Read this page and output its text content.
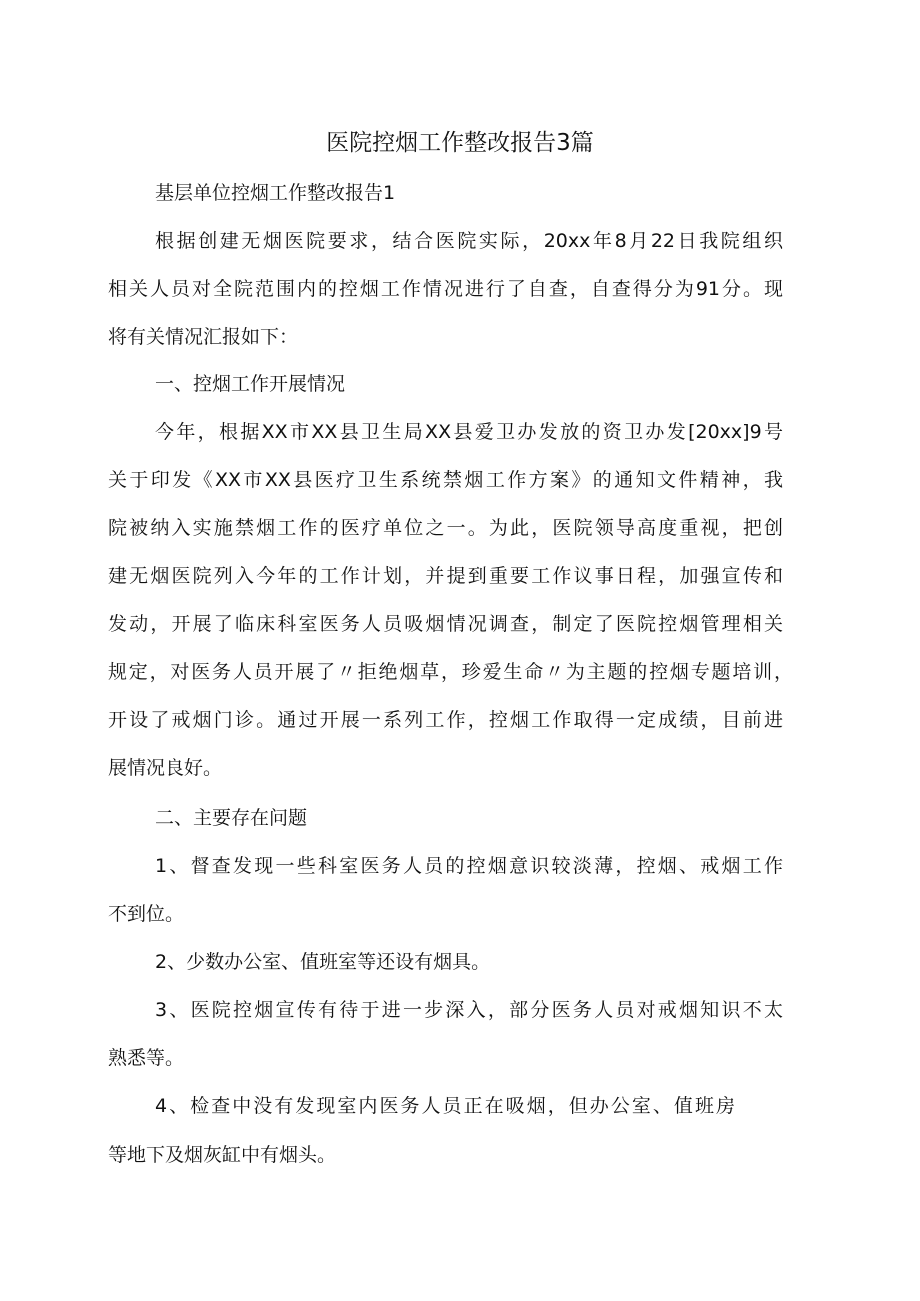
医院控烟工作整改报告3篇
基层单位控烟工作整改报告1
根据创建无烟医院要求，结合医院实际，20xx年8月22日我院组织
相关人员对全院范围内的控烟工作情况进行了自查，自查得分为91分。现
将有关情况汇报如下：
一、控烟工作开展情况
今年，根据XX市XX县卫生局XX县爱卫办发放的资卫办发[20xx]9号
关于印发《XX市XX县医疗卫生系统禁烟工作方案》的通知文件精神，我
院被纳入实施禁烟工作的医疗单位之一。为此，医院领导高度重视，把创
建无烟医院列入今年的工作计划，并提到重要工作议事日程，加强宣传和
发动，开展了临床科室医务人员吸烟情况调查，制定了医院控烟管理相关
规定，对医务人员开展了〃拒绝烟草，珍爱生命〃为主题的控烟专题培训，
开设了戒烟门诊。通过开展一系列工作，控烟工作取得一定成绩，目前进
展情况良好。
二、主要存在问题
1、督查发现一些科室医务人员的控烟意识较淡薄，控烟、戒烟工作
不到位。
2、少数办公室、值班室等还设有烟具。
3、医院控烟宣传有待于进一步深入，部分医务人员对戒烟知识不太
熟悉等。
4、检查中没有发现室内医务人员正在吸烟，但办公室、值班房
等地下及烟灰缸中有烟头。
